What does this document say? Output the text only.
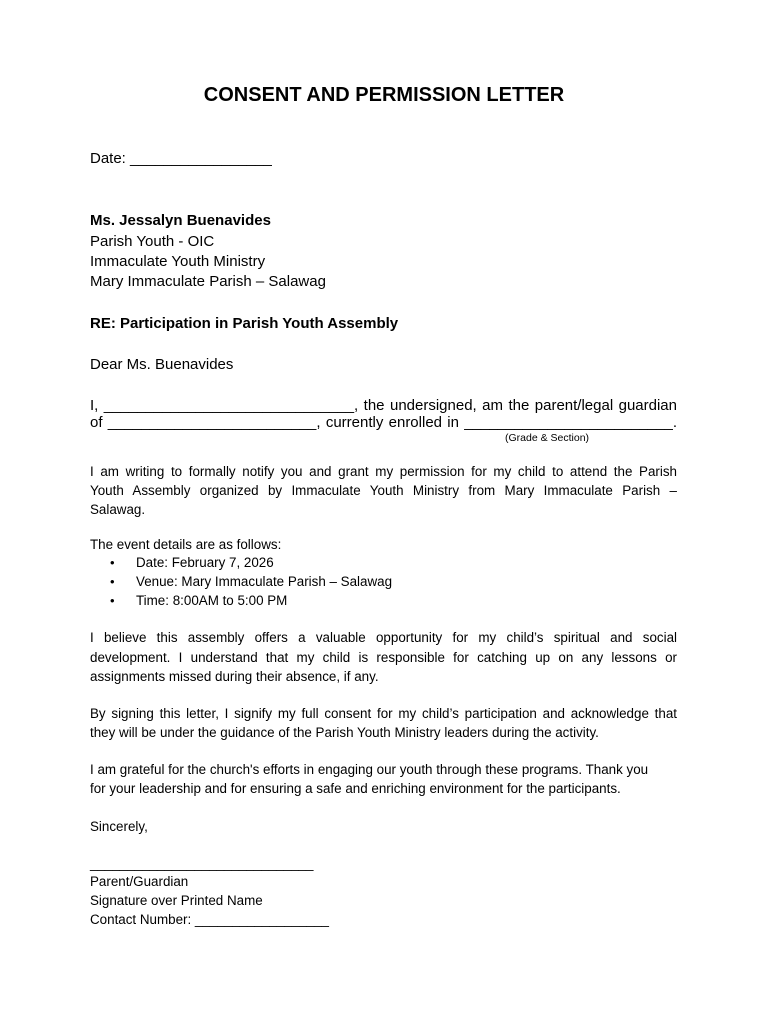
CONSENT AND PERMISSION LETTER
Date: _________________
Ms. Jessalyn Buenavides
Parish Youth - OIC
Immaculate Youth Ministry
Mary Immaculate Parish – Salawag
RE: Participation in Parish Youth Assembly
Dear Ms. Buenavides
I, ______________________________, the undersigned, am the parent/legal guardian
of _________________________, currently enrolled in _________________________.
(Grade & Section)
I am writing to formally notify you and grant my permission for my child to attend the Parish
Youth Assembly organized by Immaculate Youth Ministry from Mary Immaculate Parish –
Salawag.
The event details are as follows:
• Date: February 7, 2026
• Venue: Mary Immaculate Parish – Salawag
• Time: 8:00AM to 5:00 PM
I believe this assembly offers a valuable opportunity for my child’s spiritual and social
development. I understand that my child is responsible for catching up on any lessons or
assignments missed during their absence, if any.
By signing this letter, I signify my full consent for my child’s participation and acknowledge that
they will be under the guidance of the Parish Youth Ministry leaders during the activity.
I am grateful for the church's efforts in engaging our youth through these programs. Thank you
for your leadership and for ensuring a safe and enriching environment for the participants.
Sincerely,
______________________________
Parent/Guardian
Signature over Printed Name
Contact Number: __________________
